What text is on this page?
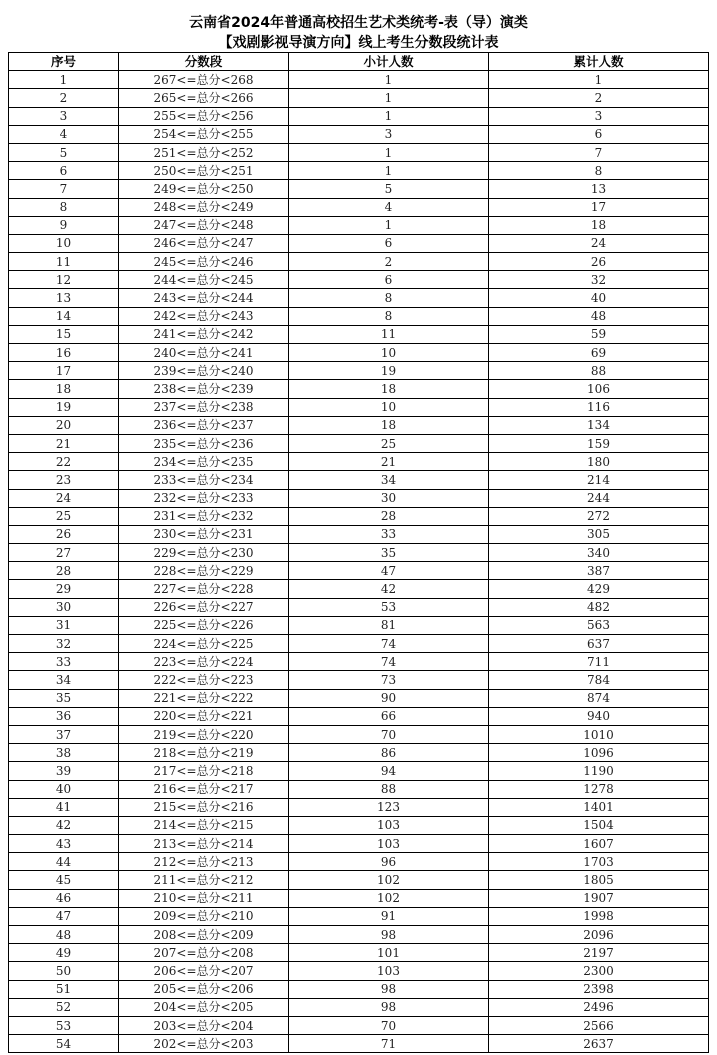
云南省2024年普通高校招生艺术类统考-表（导）演类
【戏剧影视导演方向】线上考生分数段统计表
序号	分数段	小计人数	累计人数
1	267<=总分<268	1	1
2	265<=总分<266	1	2
3	255<=总分<256	1	3
4	254<=总分<255	3	6
5	251<=总分<252	1	7
6	250<=总分<251	1	8
7	249<=总分<250	5	13
8	248<=总分<249	4	17
9	247<=总分<248	1	18
10	246<=总分<247	6	24
11	245<=总分<246	2	26
12	244<=总分<245	6	32
13	243<=总分<244	8	40
14	242<=总分<243	8	48
15	241<=总分<242	11	59
16	240<=总分<241	10	69
17	239<=总分<240	19	88
18	238<=总分<239	18	106
19	237<=总分<238	10	116
20	236<=总分<237	18	134
21	235<=总分<236	25	159
22	234<=总分<235	21	180
23	233<=总分<234	34	214
24	232<=总分<233	30	244
25	231<=总分<232	28	272
26	230<=总分<231	33	305
27	229<=总分<230	35	340
28	228<=总分<229	47	387
29	227<=总分<228	42	429
30	226<=总分<227	53	482
31	225<=总分<226	81	563
32	224<=总分<225	74	637
33	223<=总分<224	74	711
34	222<=总分<223	73	784
35	221<=总分<222	90	874
36	220<=总分<221	66	940
37	219<=总分<220	70	1010
38	218<=总分<219	86	1096
39	217<=总分<218	94	1190
40	216<=总分<217	88	1278
41	215<=总分<216	123	1401
42	214<=总分<215	103	1504
43	213<=总分<214	103	1607
44	212<=总分<213	96	1703
45	211<=总分<212	102	1805
46	210<=总分<211	102	1907
47	209<=总分<210	91	1998
48	208<=总分<209	98	2096
49	207<=总分<208	101	2197
50	206<=总分<207	103	2300
51	205<=总分<206	98	2398
52	204<=总分<205	98	2496
53	203<=总分<204	70	2566
54	202<=总分<203	71	2637
